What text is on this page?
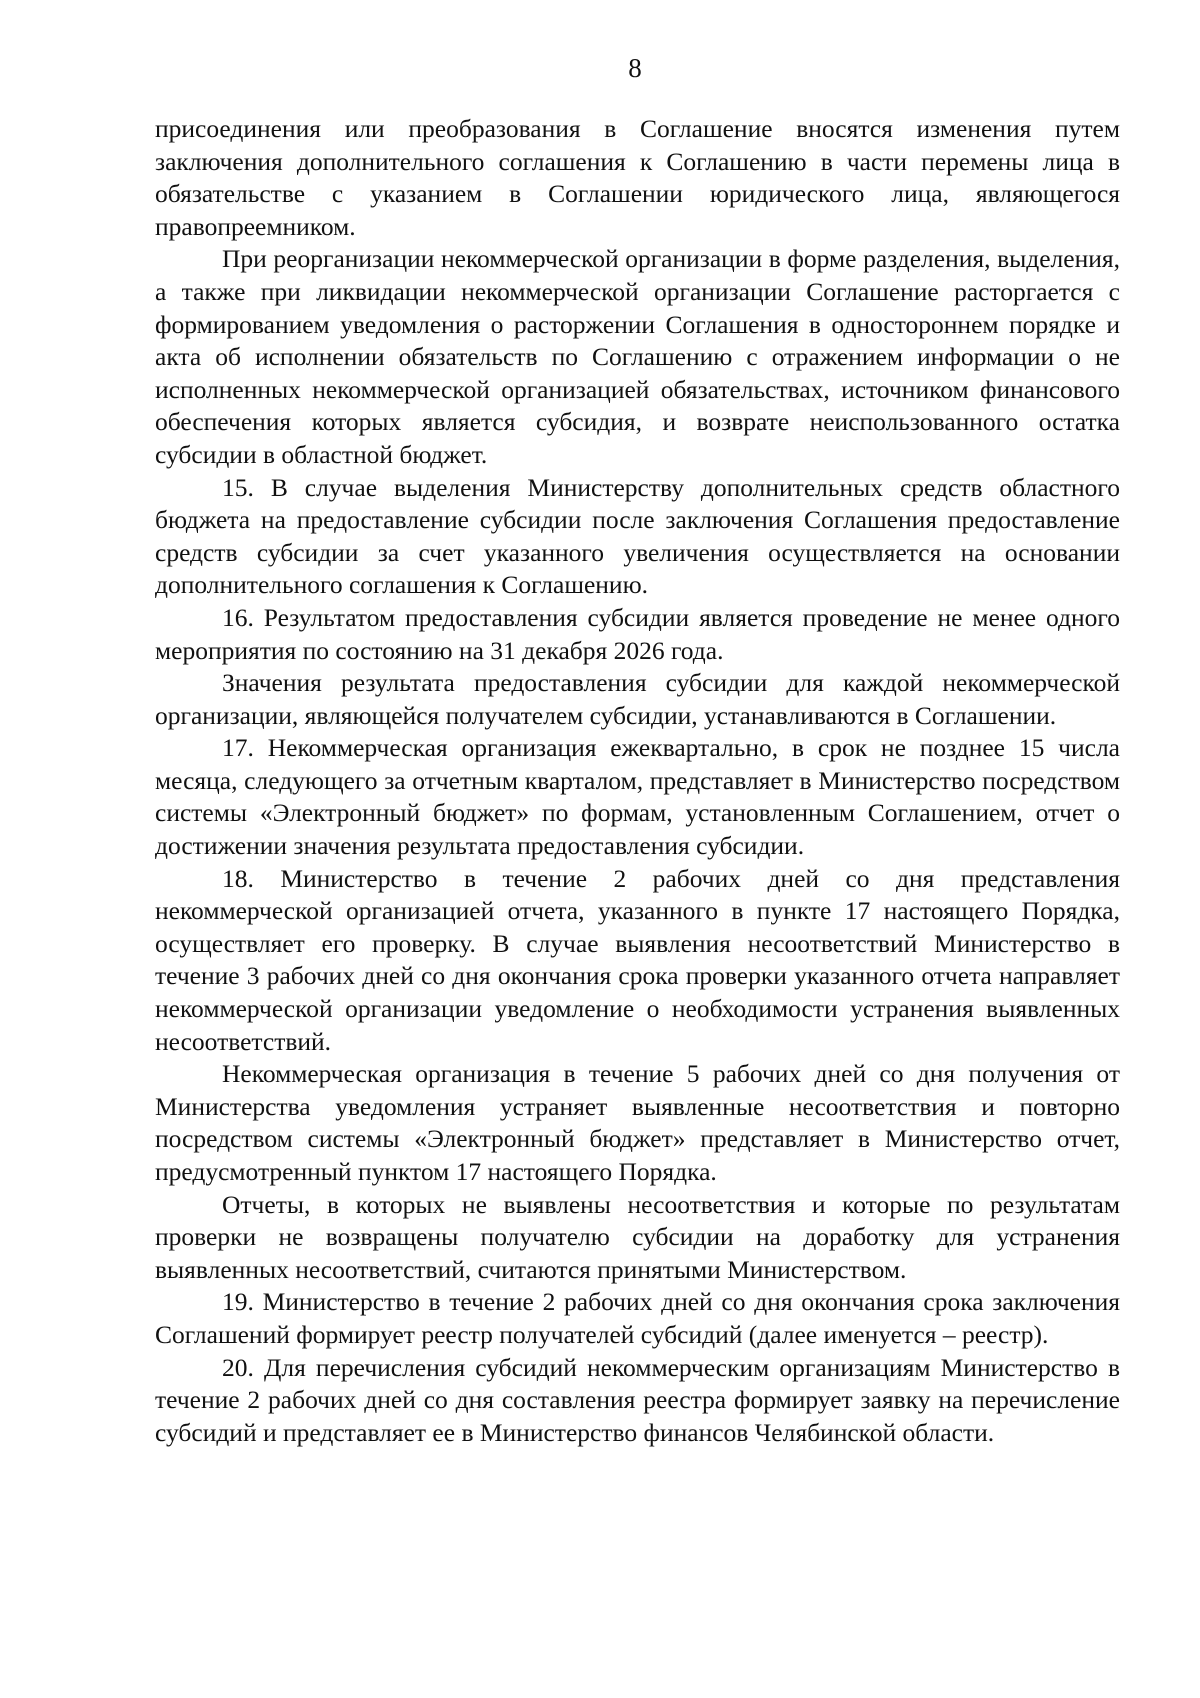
8

присоединения или преобразования в Соглашение вносятся изменения путем заключения дополнительного соглашения к Соглашению в части перемены лица в обязательстве с указанием в Соглашении юридического лица, являющегося правопреемником.

При реорганизации некоммерческой организации в форме разделения, выделения, а также при ликвидации некоммерческой организации Соглашение расторгается с формированием уведомления о расторжении Соглашения в одностороннем порядке и акта об исполнении обязательств по Соглашению с отражением информации о не исполненных некоммерческой организацией обязательствах, источником финансового обеспечения которых является субсидия, и возврате неиспользованного остатка субсидии в областной бюджет.

15. В случае выделения Министерству дополнительных средств областного бюджета на предоставление субсидии после заключения Соглашения предоставление средств субсидии за счет указанного увеличения осуществляется на основании дополнительного соглашения к Соглашению.

16. Результатом предоставления субсидии является проведение не менее одного мероприятия по состоянию на 31 декабря 2026 года.

Значения результата предоставления субсидии для каждой некоммерческой организации, являющейся получателем субсидии, устанавливаются в Соглашении.

17. Некоммерческая организация ежеквартально, в срок не позднее 15 числа месяца, следующего за отчетным кварталом, представляет в Министерство посредством системы «Электронный бюджет» по формам, установленным Соглашением, отчет о достижении значения результата предоставления субсидии.

18. Министерство в течение 2 рабочих дней со дня представления некоммерческой организацией отчета, указанного в пункте 17 настоящего Порядка, осуществляет его проверку. В случае выявления несоответствий Министерство в течение 3 рабочих дней со дня окончания срока проверки указанного отчета направляет некоммерческой организации уведомление о необходимости устранения выявленных несоответствий.

Некоммерческая организация в течение 5 рабочих дней со дня получения от Министерства уведомления устраняет выявленные несоответствия и повторно посредством системы «Электронный бюджет» представляет в Министерство отчет, предусмотренный пунктом 17 настоящего Порядка.

Отчеты, в которых не выявлены несоответствия и которые по результатам проверки не возвращены получателю субсидии на доработку для устранения выявленных несоответствий, считаются принятыми Министерством.

19. Министерство в течение 2 рабочих дней со дня окончания срока заключения Соглашений формирует реестр получателей субсидий (далее именуется – реестр).

20. Для перечисления субсидий некоммерческим организациям Министерство в течение 2 рабочих дней со дня составления реестра формирует заявку на перечисление субсидий и представляет ее в Министерство финансов Челябинской области.
